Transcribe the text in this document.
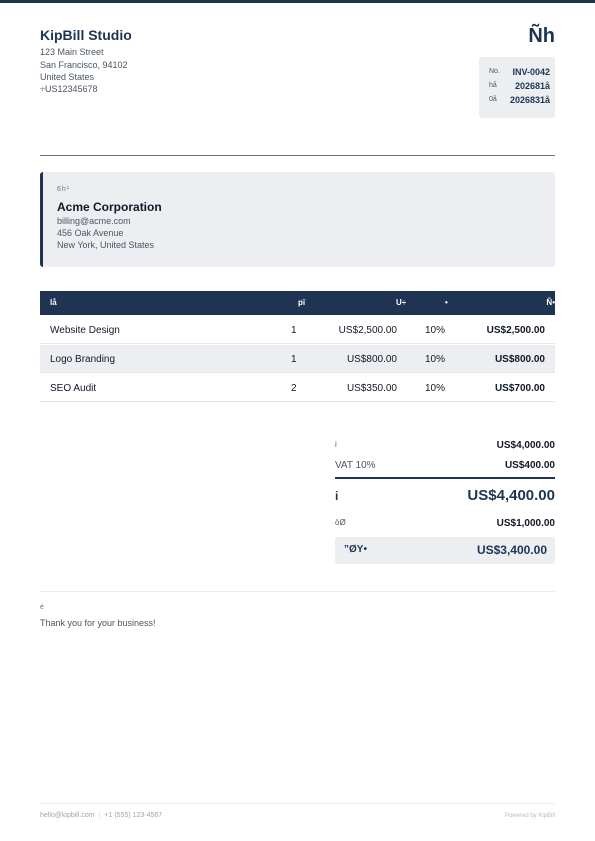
KipBill Studio
123 Main Street
San Francisco, 94102
United States
÷US12345678
Ñh
No. INV-0042
hå 202681å
0å 2026831å
6h¹
Acme Corporation
billing@acme.com
456 Oak Avenue
New York, United States
lå	pï	U÷	•	Ñ•
Website Design	1	US$2,500.00	10%	US$2,500.00
Logo Branding	1	US$800.00	10%	US$800.00
SEO Audit	2	US$350.00	10%	US$700.00
i	US$4,000.00
VAT 10%	US$400.00
i	US$4,400.00
öØ	US$1,000.00
”ØY•	US$3,400.00
é
Thank you for your business!
hello@kipbill.com | +1 (555) 123-4567	Powered by KipBill
